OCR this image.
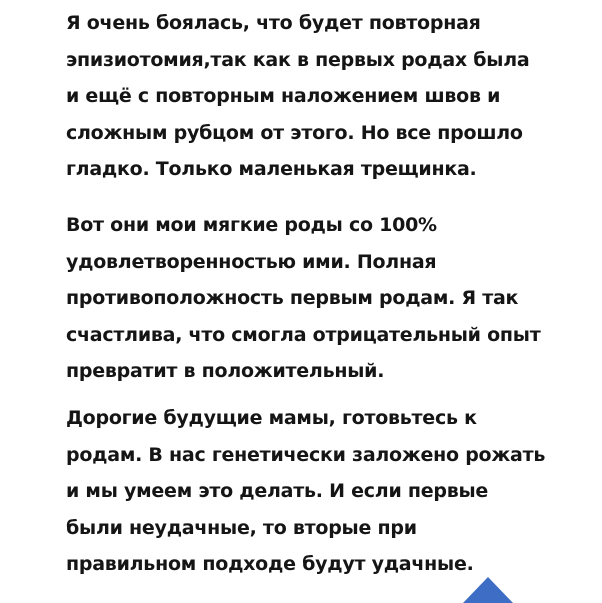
Я очень боялась, что будет повторная
эпизиотомия,так как в первых родах была
и ещё с повторным наложением швов и
сложным рубцом от этого. Но все прошло
гладко. Только маленькая трещинка.

Вот они мои мягкие роды со 100%
удовлетворенностью ими. Полная
противоположность первым родам. Я так
счастлива, что смогла отрицательный опыт
превратит в положительный.

Дорогие будущие мамы, готовьтесь к
родам. В нас генетически заложено рожать
и мы умеем это делать. И если первые
были неудачные, то вторые при
правильном подходе будут удачные.
